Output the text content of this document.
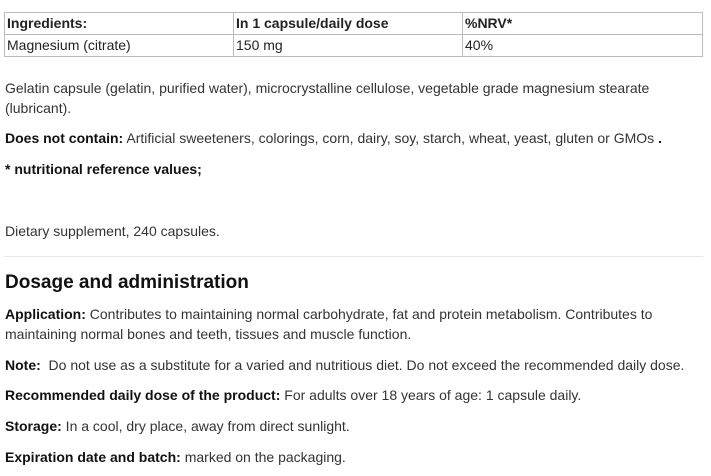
Ingredients:	In 1 capsule/daily dose	%NRV*
Magnesium (citrate)	150 mg	40%
Gelatin capsule (gelatin, purified water), microcrystalline cellulose, vegetable grade magnesium stearate (lubricant).
Does not contain: Artificial sweeteners, colorings, corn, dairy, soy, starch, wheat, yeast, gluten or GMOs .
* nutritional reference values;
Dietary supplement, 240 capsules.
Dosage and administration
Application: Contributes to maintaining normal carbohydrate, fat and protein metabolism. Contributes to maintaining normal bones and teeth, tissues and muscle function.
Note:  Do not use as a substitute for a varied and nutritious diet. Do not exceed the recommended daily dose.
Recommended daily dose of the product: For adults over 18 years of age: 1 capsule daily.
Storage: In a cool, dry place, away from direct sunlight.
Expiration date and batch: marked on the packaging.
